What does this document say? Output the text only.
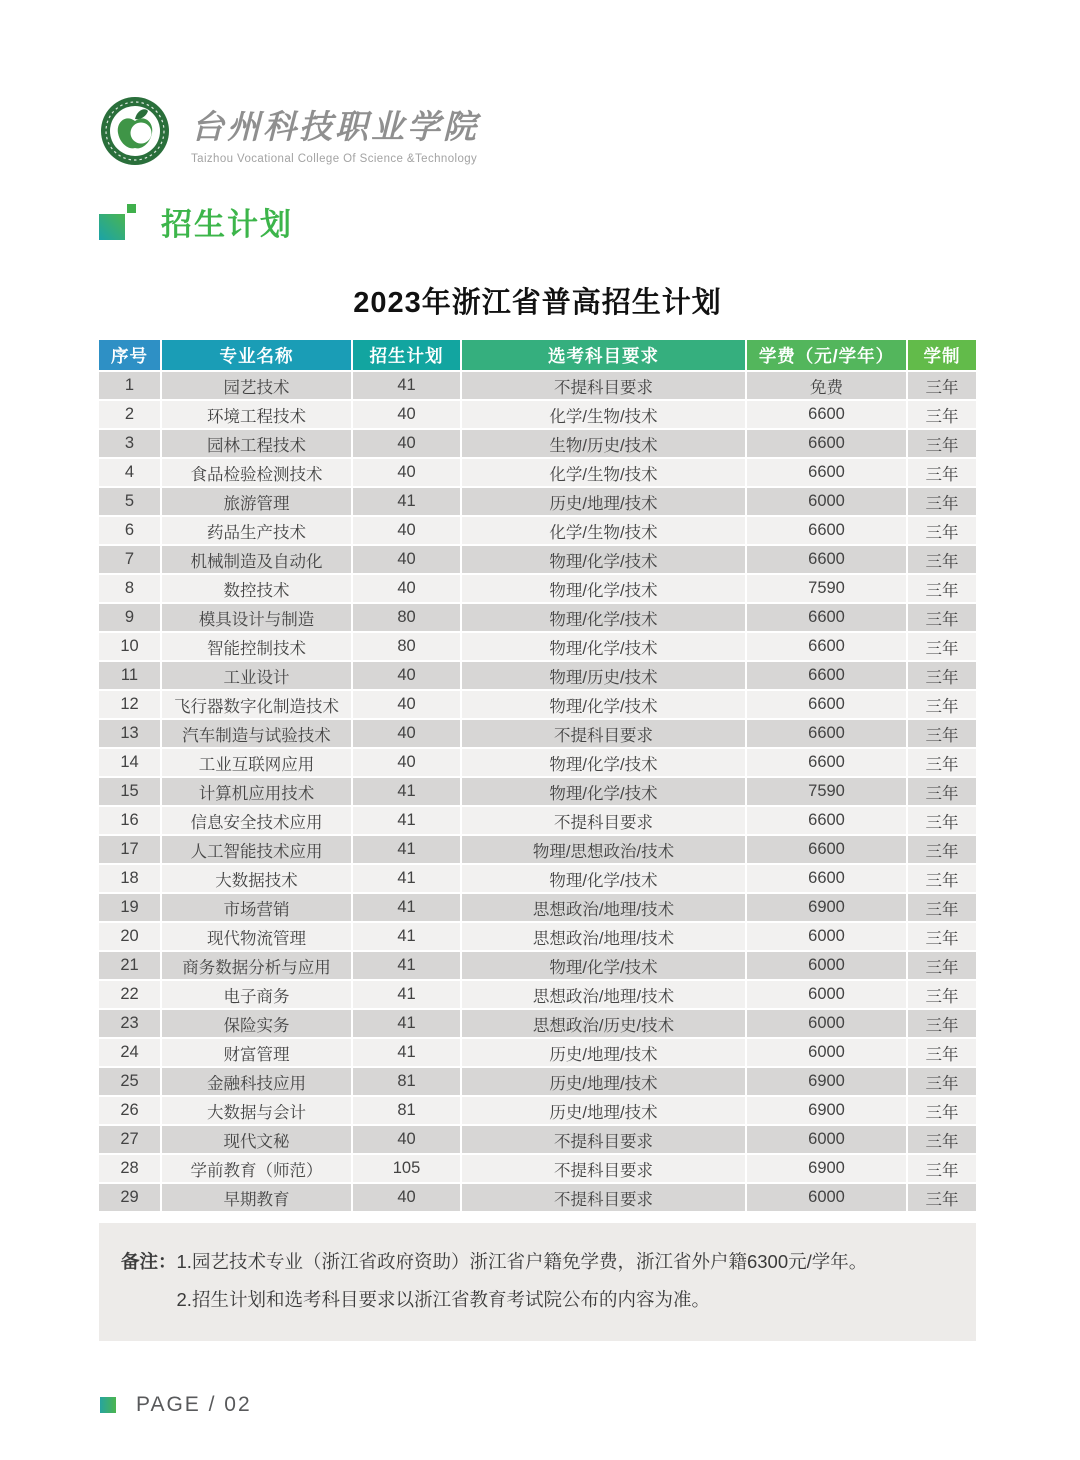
台州科技职业学院
Taizhou Vocational College Of Science &Technology
招生计划
2023年浙江省普高招生计划
序号	专业名称	招生计划	选考科目要求	学费（元/学年）	学制
1	园艺技术	41	不提科目要求	免费	三年
2	环境工程技术	40	化学/生物/技术	6600	三年
3	园林工程技术	40	生物/历史/技术	6600	三年
4	食品检验检测技术	40	化学/生物/技术	6600	三年
5	旅游管理	41	历史/地理/技术	6000	三年
6	药品生产技术	40	化学/生物/技术	6600	三年
7	机械制造及自动化	40	物理/化学/技术	6600	三年
8	数控技术	40	物理/化学/技术	7590	三年
9	模具设计与制造	80	物理/化学/技术	6600	三年
10	智能控制技术	80	物理/化学/技术	6600	三年
11	工业设计	40	物理/历史/技术	6600	三年
12	飞行器数字化制造技术	40	物理/化学/技术	6600	三年
13	汽车制造与试验技术	40	不提科目要求	6600	三年
14	工业互联网应用	40	物理/化学/技术	6600	三年
15	计算机应用技术	41	物理/化学/技术	7590	三年
16	信息安全技术应用	41	不提科目要求	6600	三年
17	人工智能技术应用	41	物理/思想政治/技术	6600	三年
18	大数据技术	41	物理/化学/技术	6600	三年
19	市场营销	41	思想政治/地理/技术	6900	三年
20	现代物流管理	41	思想政治/地理/技术	6000	三年
21	商务数据分析与应用	41	物理/化学/技术	6000	三年
22	电子商务	41	思想政治/地理/技术	6000	三年
23	保险实务	41	思想政治/历史/技术	6000	三年
24	财富管理	41	历史/地理/技术	6000	三年
25	金融科技应用	81	历史/地理/技术	6900	三年
26	大数据与会计	81	历史/地理/技术	6900	三年
27	现代文秘	40	不提科目要求	6000	三年
28	学前教育（师范）	105	不提科目要求	6900	三年
29	早期教育	40	不提科目要求	6000	三年
备注： 1.园艺技术专业（浙江省政府资助）浙江省户籍免学费，浙江省外户籍6300元/学年。
2.招生计划和选考科目要求以浙江省教育考试院公布的内容为准。
PAGE / 02
